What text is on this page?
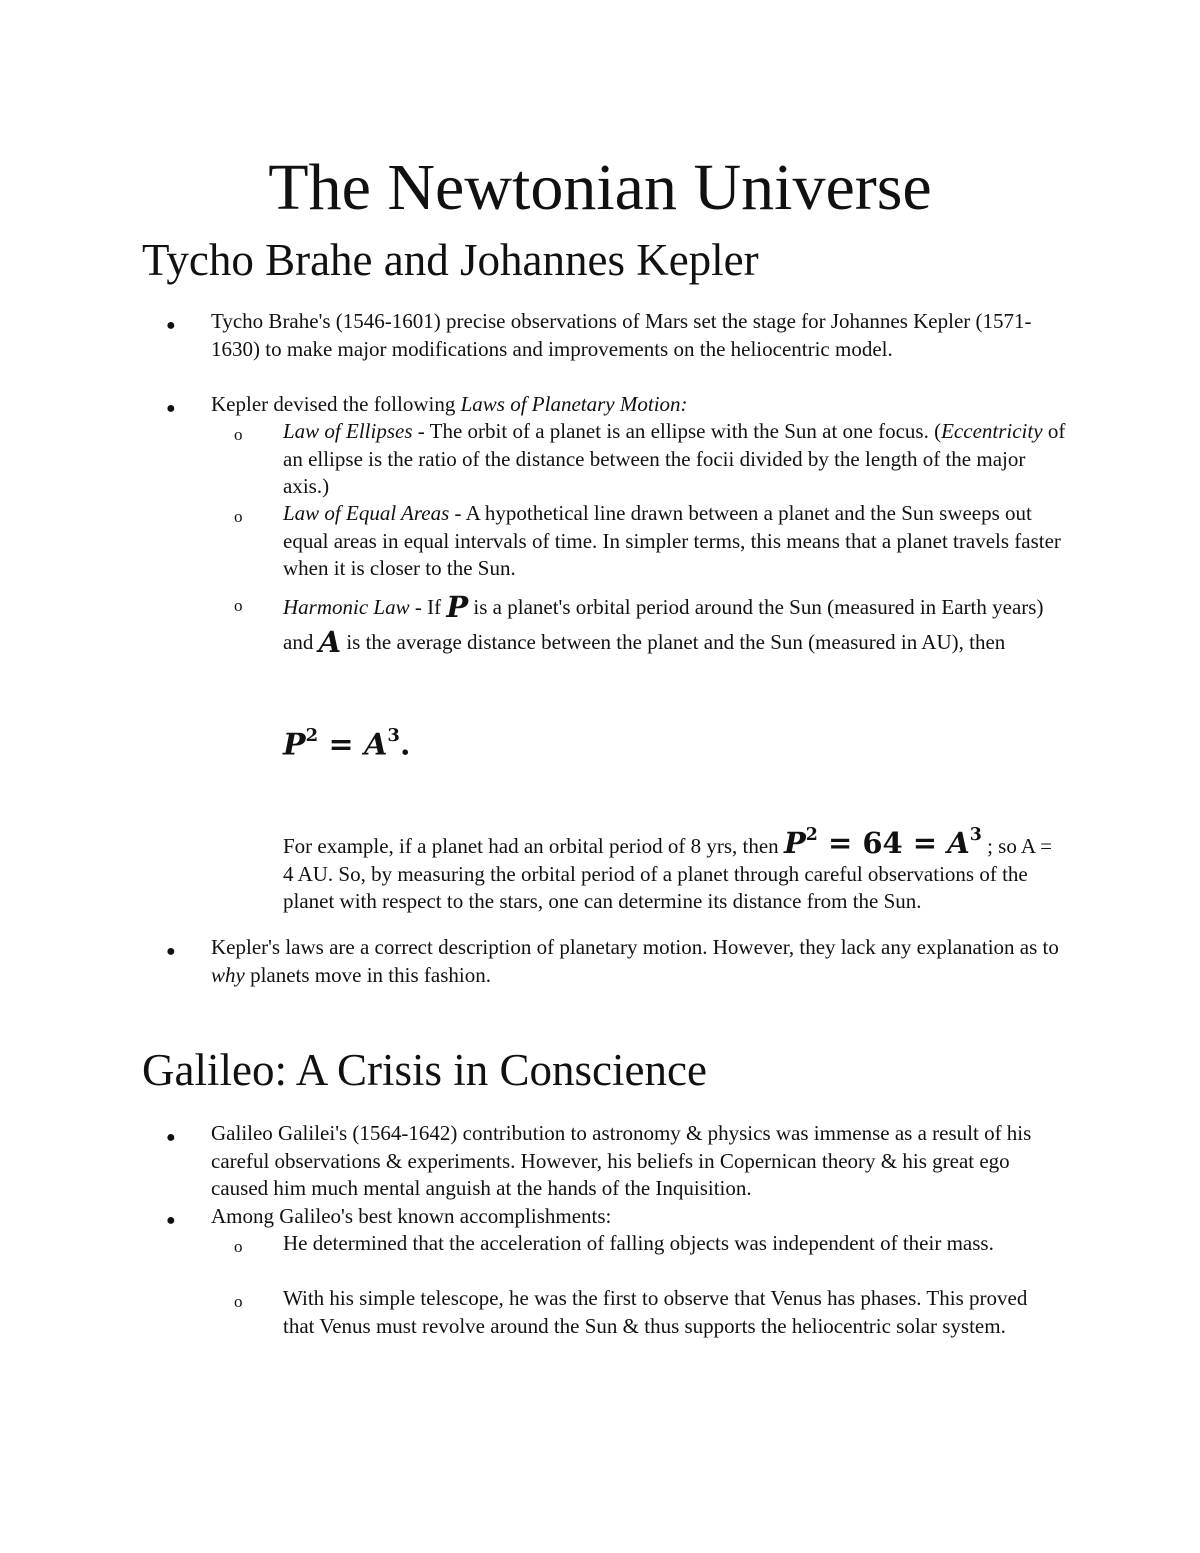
The Newtonian Universe
Tycho Brahe and Johannes Kepler
● Tycho Brahe's (1546-1601) precise observations of Mars set the stage for Johannes Kepler (1571-1630) to make major modifications and improvements on the heliocentric model.

● Kepler devised the following Laws of Planetary Motion:

o Law of Ellipses - The orbit of a planet is an ellipse with the Sun at one focus. (Eccentricity of an ellipse is the ratio of the distance between the focii divided by the length of the major axis.)

o Law of Equal Areas - A hypothetical line drawn between a planet and the Sun sweeps out equal areas in equal intervals of time. In simpler terms, this means that a planet travels faster when it is closer to the Sun.

o Harmonic Law - If P is a planet's orbital period around the Sun (measured in Earth years) and A is the average distance between the planet and the Sun (measured in AU), then

$P^2 = A^3$.

For example, if a planet had an orbital period of 8 yrs, then $P^2 = 64 = A^3$ ; so A = 4 AU. So, by measuring the orbital period of a planet through careful observations of the planet with respect to the stars, one can determine its distance from the Sun.

● Kepler's laws are a correct description of planetary motion. However, they lack any explanation as to why planets move in this fashion.

Galileo: A Crisis in Conscience
● Galileo Galilei's (1564-1642) contribution to astronomy & physics was immense as a result of his careful observations & experiments. However, his beliefs in Copernican theory & his great ego caused him much mental anguish at the hands of the Inquisition.

● Among Galileo's best known accomplishments:

o He determined that the acceleration of falling objects was independent of their mass.

o With his simple telescope, he was the first to observe that Venus has phases. This proved that Venus must revolve around the Sun & thus supports the heliocentric solar system.
